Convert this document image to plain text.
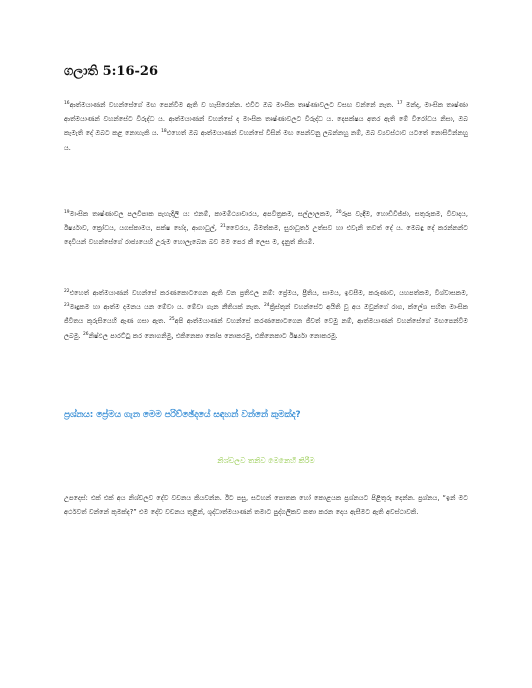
ගලාති 5:16-26
$^{16}$ආත්මයාණන් වහන්සේගේ මඟ පෙන්වීම ඇති ව හැසිරෙන්න. එවිට ඔබ මාංසික තෘෂ්ණාවලට වසඟ වන්නේ නැත. $^{17}$ මන්ද, මාංසික තෘෂ්ණා ආත්මයාණන් වහන්සේට විරුද්ධ ය. ආත්මයාණන් වහන්සේ ද මාංසික තෘෂ්ණාවලට විරුද්ධ ය. දෙපක්ෂය අතර ඇති මේ විරෝධය නිසා, ඔබ කැමැති දේ ඔබට කළ නොහැකි ය. $^{18}$එහෙත් ඔබ ආත්මයාණන් වහන්සේ විසින් මඟ පෙන්වනු ලබන්නහු නම්, ඔබ ව්‍යවස්ථාව යටතේ නොසිටින්නහු ය.
$^{19}$මාංසික තෘෂ්ණාවල පලවිපාක පැහැදිලි ය: එනම්, කාමමිථ්‍යාචාරය, අපවිත්‍රකම, සල්ලාලකම, $^{20}$රූප වැඳීම, හොඩිවිජ්ජා, සතුරුකම, විවාදය, ඊර්ෂ්‍යාව, ක්‍රෝධය, යගස්කාමය, පක්ෂ භේද, ආගාධුල්, $^{21}$වෛරය, බීමත්කම, සුරාධූර්ත උත්සව හා එවැනි තවත් දේ ය. මෙබඳු දේ කරන්නන්ට දෙවියන් වහන්සේගේ රාජ්‍යයෙහි උරුම හොලැබෙන බව මම පෙර කී ලෙස ම, දැනුත් කියමි.
$^{22}$එහෙත් ආත්මයාණන් වහන්සේ කරණකොටගෙන ඇති වන ප්‍රතිඵල නම්: ප්‍රේමය, ප්‍රීතිය, සාමය, ඉවසීම, කරුණාව, යහපත්කම, විශ්වාසකම, $^{23}$මෘදුකම හා ආත්ම දමනය යන මේවා ය. මේවා ගැන නීතියක් නැත. $^{24}$ක්‍රිස්තුන් වහන්සේට අයිති වූ අය ඔවුන්ගේ රාග, ක්ලේශ සහිත මාංසික ජීවිතය කුරුසියෙහි ඇණ ගසා ඇත. $^{25}$අපි ආත්මයාණන් වහන්සේ කරණකොටගෙන ජීවත් වෙමු නම්, ආත්මයාණන් වහන්සේගේ මඟපෙන්වීම ලබමු. $^{26}$නිෂ්ඵල පාරට්ටු කර නොගනිමු, එකිනෙකා කෝප නොකරමු, එකිනෙකාට ඊර්ෂ්‍යා නොකරමු.
ප්‍රශ්නය: ප්‍රේමය ගැන මෙම පරිච්ඡේදයේ සඳහන් වන්නේ කුමක්ද?
නිශ්චලව තනිව මෙනෙහි කිරීම
උපදෙස්: එක් එක් අය නිශ්චලව දේව වචනය කියවන්න. ඊට පසු, සටහන් පොතක හෝ කොළයක ප්‍රශ්නයට පිළිතුරු දෙන්න. ප්‍රශ්නය, “ඉන් මට අර්ථවත් වන්නේ කුමක්ද?” එම දේව වචනය තුළින්, ශුද්ධාත්මයාණන් තමාට පුද්ගලිකව කතා කරන දෙය ඇසීමට ඇති අවස්ථාවකි.
